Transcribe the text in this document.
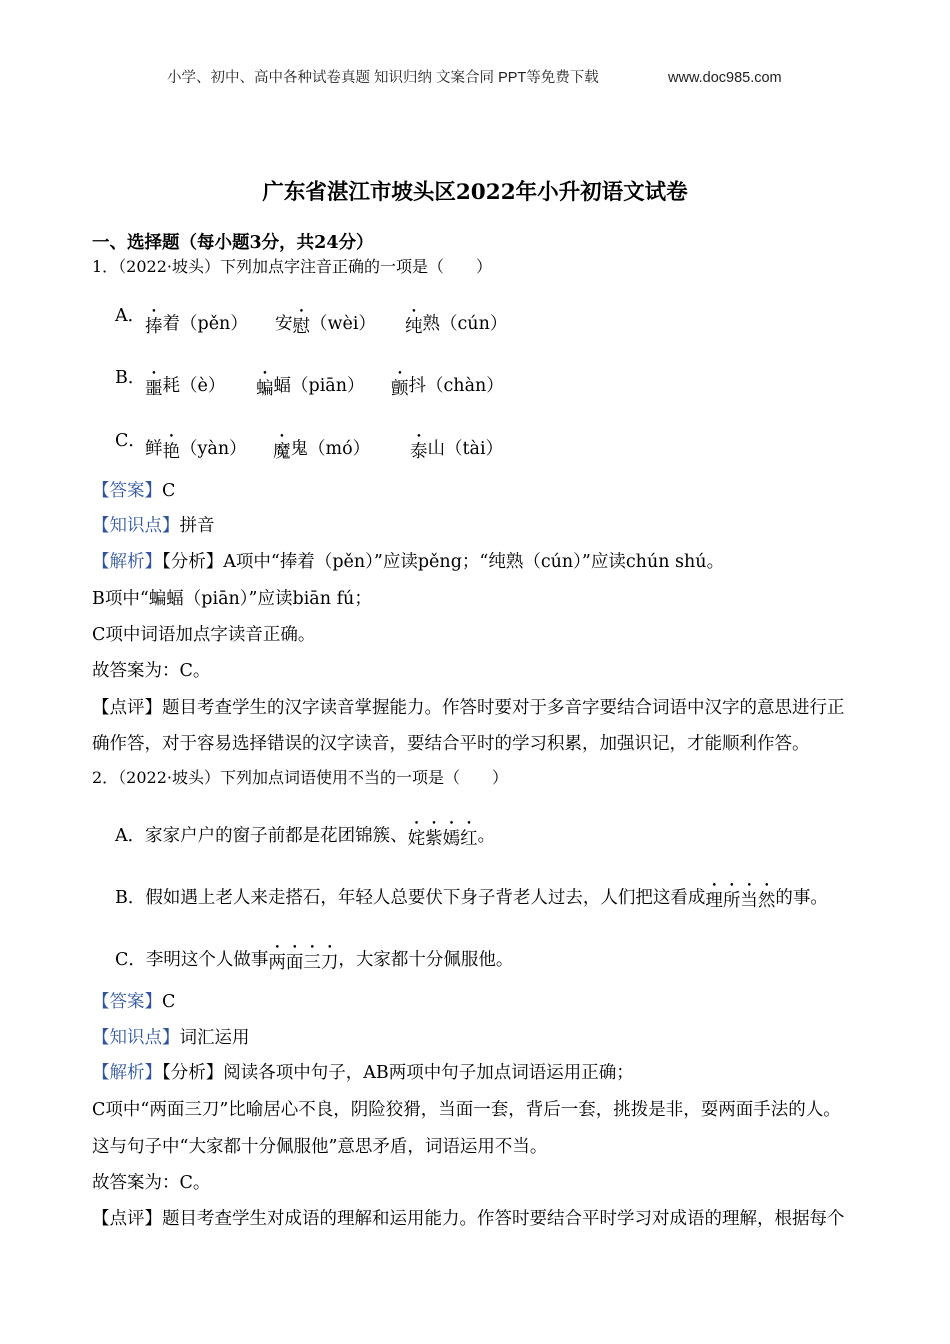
小学、初中、高中各种试卷真题 知识归纳 文案合同 PPT等免费下载	www.doc985.com
广东省湛江市坡头区2022年小升初语文试卷
一、选择题（每小题3分，共24分）
1．（2022·坡头）下列加点字注音正确的一项是（　　）
A．
捧着（pěn） 安慰（wèi） 纯熟（cún）
B．
噩耗（è） 蝙蝠（piān） 颤抖（chàn）
C． 鲜艳（yàn） 魔鬼（mó） 泰山（tài）
【答案】C
【知识点】拼音
【解析】【分析】A项中“捧着（pěn）”应读pěng；“纯熟（cún）”应读chún shú。
B项中“蝙蝠（piān）”应读biān fú；
C项中词语加点字读音正确。
故答案为：C。
【点评】题目考查学生的汉字读音掌握能力。作答时要对于多音字要结合词语中汉字的意思进行正
确作答，对于容易选择错误的汉字读音，要结合平时的学习积累，加强识记，才能顺利作答。
2．（2022·坡头）下列加点词语使用不当的一项是（　　）
A．家家户户的窗子前都是花团锦簇、姹紫嫣红。
B．假如遇上老人来走搭石，年轻人总要伏下身子背老人过去，人们把这看成理所当然的事。
C．李明这个人做事两面三刀，大家都十分佩服他。
【答案】C
【知识点】词汇运用
【解析】【分析】阅读各项中句子，AB两项中句子加点词语运用正确；
C项中“两面三刀”比喻居心不良，阴险狡猾，当面一套，背后一套，挑拨是非，耍两面手法的人。
这与句子中“大家都十分佩服他”意思矛盾，词语运用不当。
故答案为：C。
【点评】题目考查学生对成语的理解和运用能力。作答时要结合平时学习对成语的理解，根据每个
